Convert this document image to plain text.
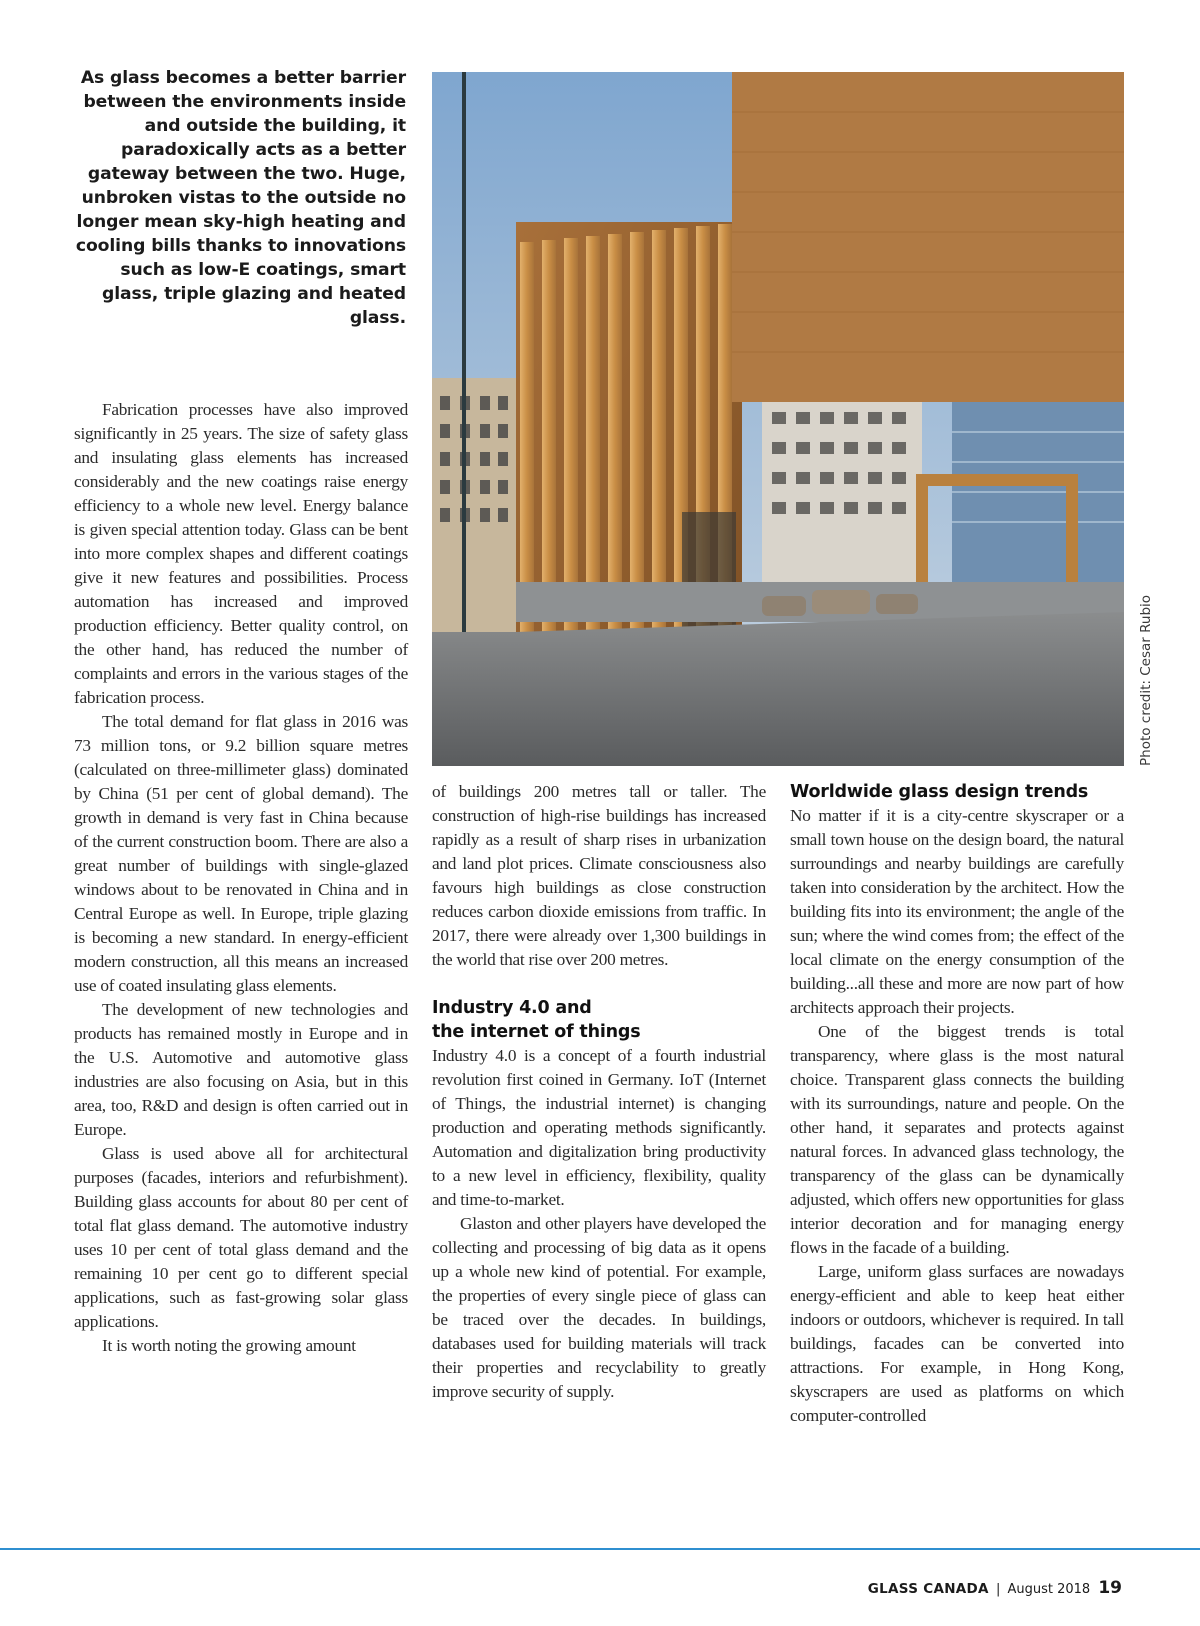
As glass becomes a better barrier between the environments inside and outside the building, it paradoxically acts as a better gateway between the two. Huge, unbroken vistas to the outside no longer mean sky-high heating and cooling bills thanks to innovations such as low-E coatings, smart glass, triple glazing and heated glass.

Fabrication processes have also improved significantly in 25 years. The size of safety glass and insulating glass elements has increased considerably and the new coatings raise energy efficiency to a whole new level. Energy balance is given special attention today. Glass can be bent into more complex shapes and different coatings give it new features and possibilities. Process automation has increased and improved production efficiency. Better quality control, on the other hand, has reduced the number of complaints and errors in the various stages of the fabrication process.

The total demand for flat glass in 2016 was 73 million tons, or 9.2 billion square metres (calculated on three-millimeter glass) dominated by China (51 per cent of global demand). The growth in demand is very fast in China because of the current construction boom. There are also a great number of buildings with single-glazed windows about to be renovated in China and in Central Europe as well. In Europe, triple glazing is becoming a new standard. In energy-efficient modern construction, all this means an increased use of coated insulating glass elements.

The development of new technologies and products has remained mostly in Europe and in the U.S. Automotive and automotive glass industries are also focusing on Asia, but in this area, too, R&D and design is often carried out in Europe.

Glass is used above all for architectural purposes (facades, interiors and refurbishment). Building glass accounts for about 80 per cent of total flat glass demand. The automotive industry uses 10 per cent of total glass demand and the remaining 10 per cent go to different special applications, such as fast-growing solar glass applications.

It is worth noting the growing amount

Photo credit: Cesar Rubio

of buildings 200 metres tall or taller. The construction of high-rise buildings has increased rapidly as a result of sharp rises in urbanization and land plot prices. Climate consciousness also favours high buildings as close construction reduces carbon dioxide emissions from traffic. In 2017, there were already over 1,300 buildings in the world that rise over 200 metres.

Industry 4.0 and
the internet of things

Industry 4.0 is a concept of a fourth industrial revolution first coined in Germany. IoT (Internet of Things, the industrial internet) is changing production and operating methods significantly. Automation and digitalization bring productivity to a new level in efficiency, flexibility, quality and time-to-market.

Glaston and other players have developed the collecting and processing of big data as it opens up a whole new kind of potential. For example, the properties of every single piece of glass can be traced over the decades. In buildings, databases used for building materials will track their properties and recyclability to greatly improve security of supply.

Worldwide glass design trends

No matter if it is a city-centre skyscraper or a small town house on the design board, the natural surroundings and nearby buildings are carefully taken into consideration by the architect. How the building fits into its environment; the angle of the sun; where the wind comes from; the effect of the local climate on the energy consumption of the building...all these and more are now part of how architects approach their projects.

One of the biggest trends is total transparency, where glass is the most natural choice. Transparent glass connects the building with its surroundings, nature and people. On the other hand, it separates and protects against natural forces. In advanced glass technology, the transparency of the glass can be dynamically adjusted, which offers new opportunities for glass interior decoration and for managing energy flows in the facade of a building.

Large, uniform glass surfaces are nowadays energy-efficient and able to keep heat either indoors or outdoors, whichever is required. In tall buildings, facades can be converted into attractions. For example, in Hong Kong, skyscrapers are used as platforms on which computer-controlled

GLASS CANADA | August 2018 19
